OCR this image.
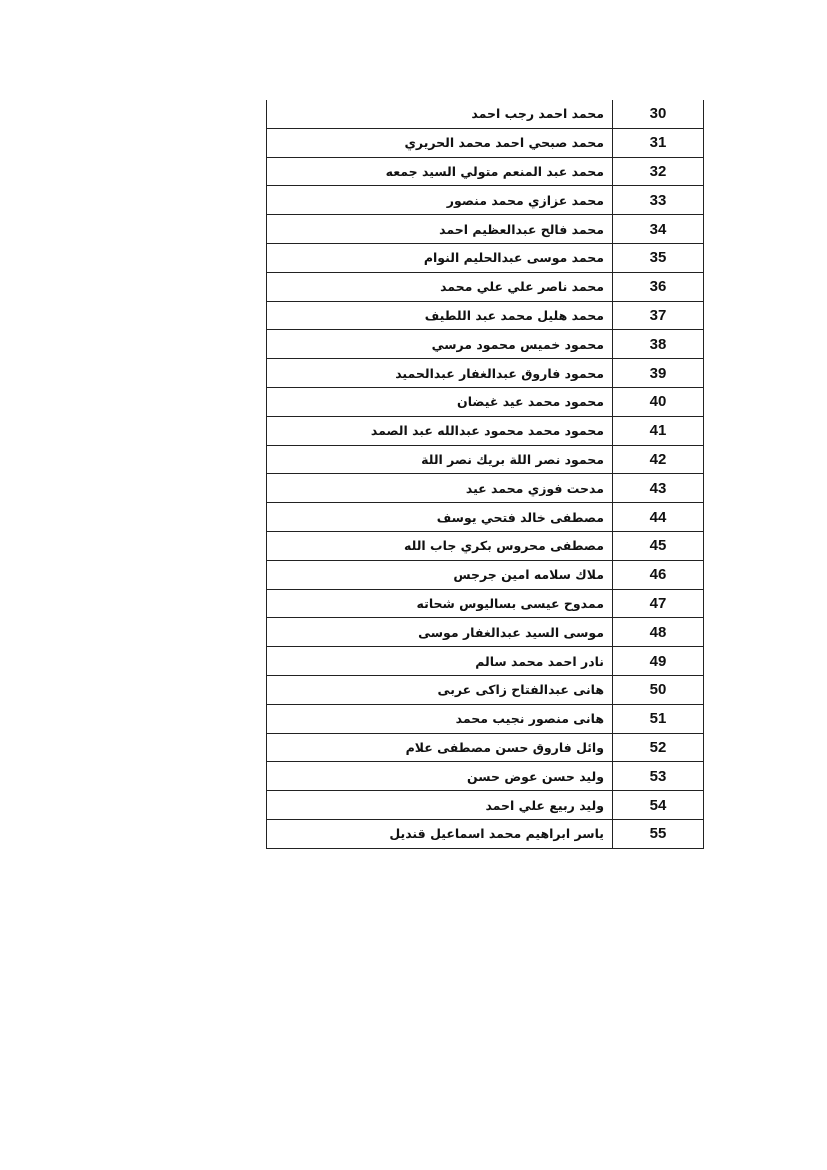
30	محمد احمد رجب احمد
31	محمد صبحي احمد محمد الحريري
32	محمد عبد المنعم متولي السيد جمعه
33	محمد عزازي محمد منصور
34	محمد فالح عبدالعظيم احمد
35	محمد موسى عبدالحليم النوام
36	محمد ناصر علي علي محمد
37	محمد هليل محمد عبد اللطيف
38	محمود خميس محمود مرسي
39	محمود فاروق عبدالغفار عبدالحميد
40	محمود محمد عيد غيضان
41	محمود محمد محمود عبدالله عبد الصمد
42	محمود نصر اللة بريك نصر اللة
43	مدحت فوزي محمد عيد
44	مصطفى خالد فتحي يوسف
45	مصطفى محروس بكري جاب الله
46	ملاك سلامه امين جرجس
47	ممدوح عيسى بساليوس شحاته
48	موسى السيد عبدالغفار موسى
49	نادر احمد محمد سالم
50	هانى عبدالفتاح زاكى عربى
51	هانى منصور نجيب محمد
52	وائل فاروق حسن مصطفى علام
53	وليد حسن عوض حسن
54	وليد ربيع علي احمد
55	ياسر ابراهيم محمد اسماعيل قنديل
